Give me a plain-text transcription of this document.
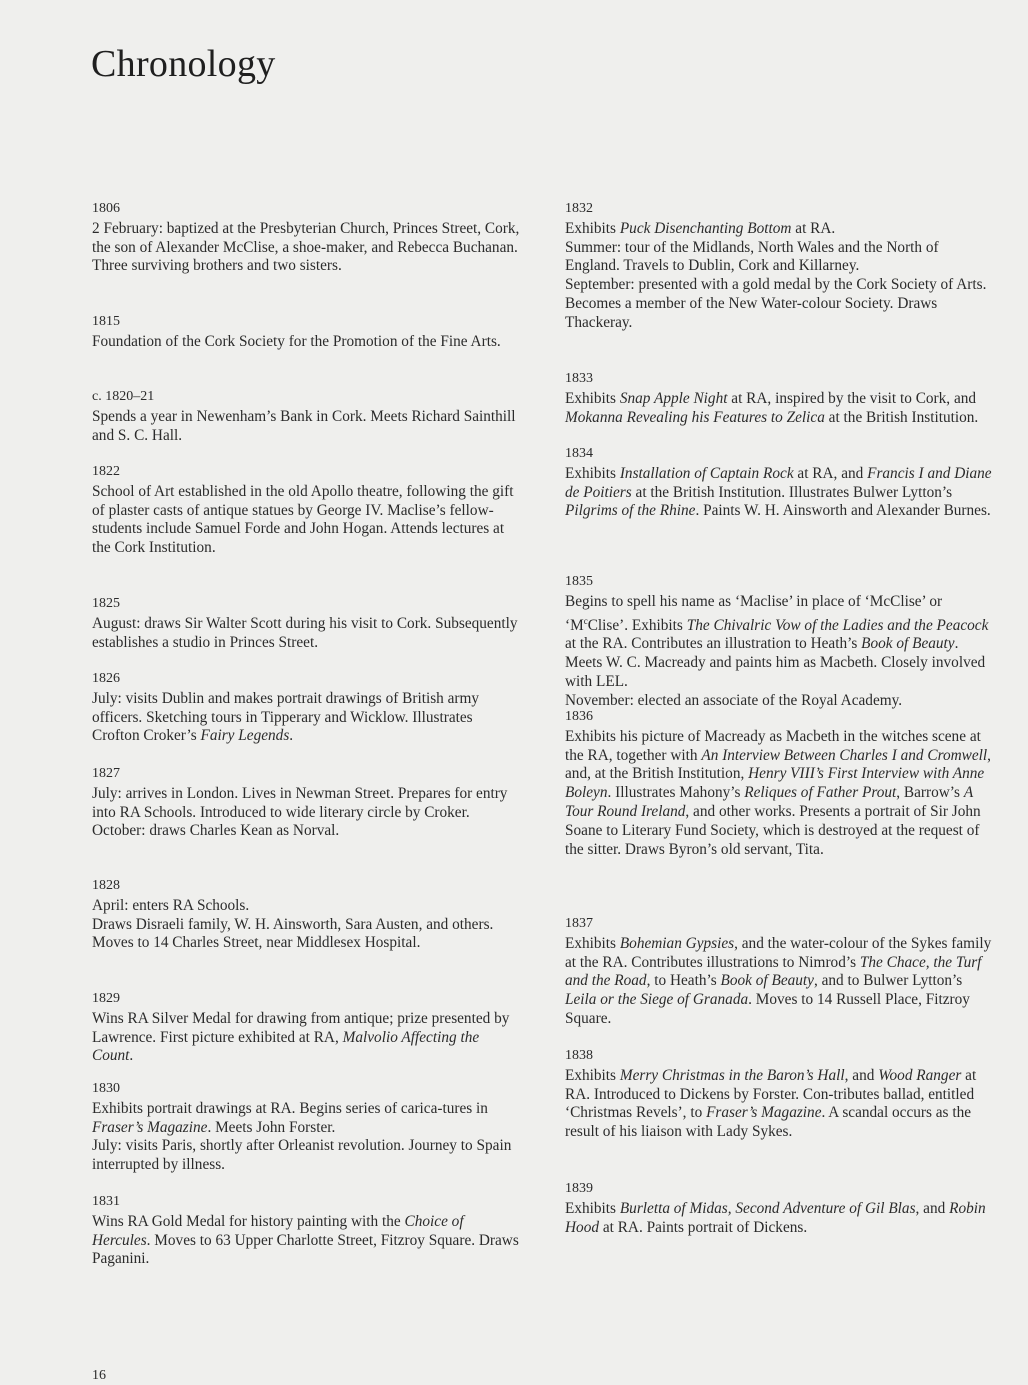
Chronology
1806

2 February: baptized at the Presbyterian Church, Princes Street, Cork, the son of Alexander McClise, a shoe-maker, and Rebecca Buchanan. Three surviving brothers and two sisters.

1815

Foundation of the Cork Society for the Promotion of the Fine Arts.

c. 1820–21

Spends a year in Newenham’s Bank in Cork. Meets Richard Sainthill and S. C. Hall.

1822

School of Art established in the old Apollo theatre, following the gift of plaster casts of antique statues by George IV. Maclise’s fellow-students include Samuel Forde and John Hogan. Attends lectures at the Cork Institution.

1825

August: draws Sir Walter Scott during his visit to Cork. Subsequently establishes a studio in Princes Street.

1826

July: visits Dublin and makes portrait drawings of British army officers. Sketching tours in Tipperary and Wicklow. Illustrates Crofton Croker’s Fairy Legends.

1827

July: arrives in London. Lives in Newman Street. Prepares for entry into RA Schools. Introduced to wide literary circle by Croker.
October: draws Charles Kean as Norval.

1828

April: enters RA Schools.
Draws Disraeli family, W. H. Ainsworth, Sara Austen, and others. Moves to 14 Charles Street, near Middlesex Hospital.

1829

Wins RA Silver Medal for drawing from antique; prize presented by Lawrence. First picture exhibited at RA, Malvolio Affecting the Count.

1830

Exhibits portrait drawings at RA. Begins series of carica-tures in Fraser’s Magazine. Meets John Forster.
July: visits Paris, shortly after Orleanist revolution. Journey to Spain interrupted by illness.

1831

Wins RA Gold Medal for history painting with the Choice of Hercules. Moves to 63 Upper Charlotte Street, Fitzroy Square. Draws Paganini.

1832

Exhibits Puck Disenchanting Bottom at RA.
Summer: tour of the Midlands, North Wales and the North of England. Travels to Dublin, Cork and Killarney.
September: presented with a gold medal by the Cork Society of Arts. Becomes a member of the New Water-colour Society. Draws Thackeray.

1833

Exhibits Snap Apple Night at RA, inspired by the visit to Cork, and Mokanna Revealing his Features to Zelica at the British Institution.

1834

Exhibits Installation of Captain Rock at RA, and Francis I and Diane de Poitiers at the British Institution. Illustrates Bulwer Lytton’s Pilgrims of the Rhine. Paints W. H. Ainsworth and Alexander Burnes.

1835

Begins to spell his name as ‘Maclise’ in place of ‘McClise’ or ‘$M^cClise$’. Exhibits The Chivalric Vow of the Ladies and the Peacock at the RA. Contributes an illustration to Heath’s Book of Beauty. Meets W. C. Macready and paints him as Macbeth. Closely involved with LEL.
November: elected an associate of the Royal Academy.

1836

Exhibits his picture of Macready as Macbeth in the witches scene at the RA, together with An Interview Between Charles I and Cromwell, and, at the British Institution, Henry VIII’s First Interview with Anne Boleyn. Illustrates Mahony’s Reliques of Father Prout, Barrow’s A Tour Round Ireland, and other works. Presents a portrait of Sir John Soane to Literary Fund Society, which is destroyed at the request of the sitter. Draws Byron’s old servant, Tita.

1837

Exhibits Bohemian Gypsies, and the water-colour of the Sykes family at the RA. Contributes illustrations to Nimrod’s The Chace, the Turf and the Road, to Heath’s Book of Beauty, and to Bulwer Lytton’s Leila or the Siege of Granada. Moves to 14 Russell Place, Fitzroy Square.

1838

Exhibits Merry Christmas in the Baron’s Hall, and Wood Ranger at RA. Introduced to Dickens by Forster. Con-tributes ballad, entitled ‘Christmas Revels’, to Fraser’s Magazine. A scandal occurs as the result of his liaison with Lady Sykes.

1839

Exhibits Burletta of Midas, Second Adventure of Gil Blas, and Robin Hood at RA. Paints portrait of Dickens.

16
